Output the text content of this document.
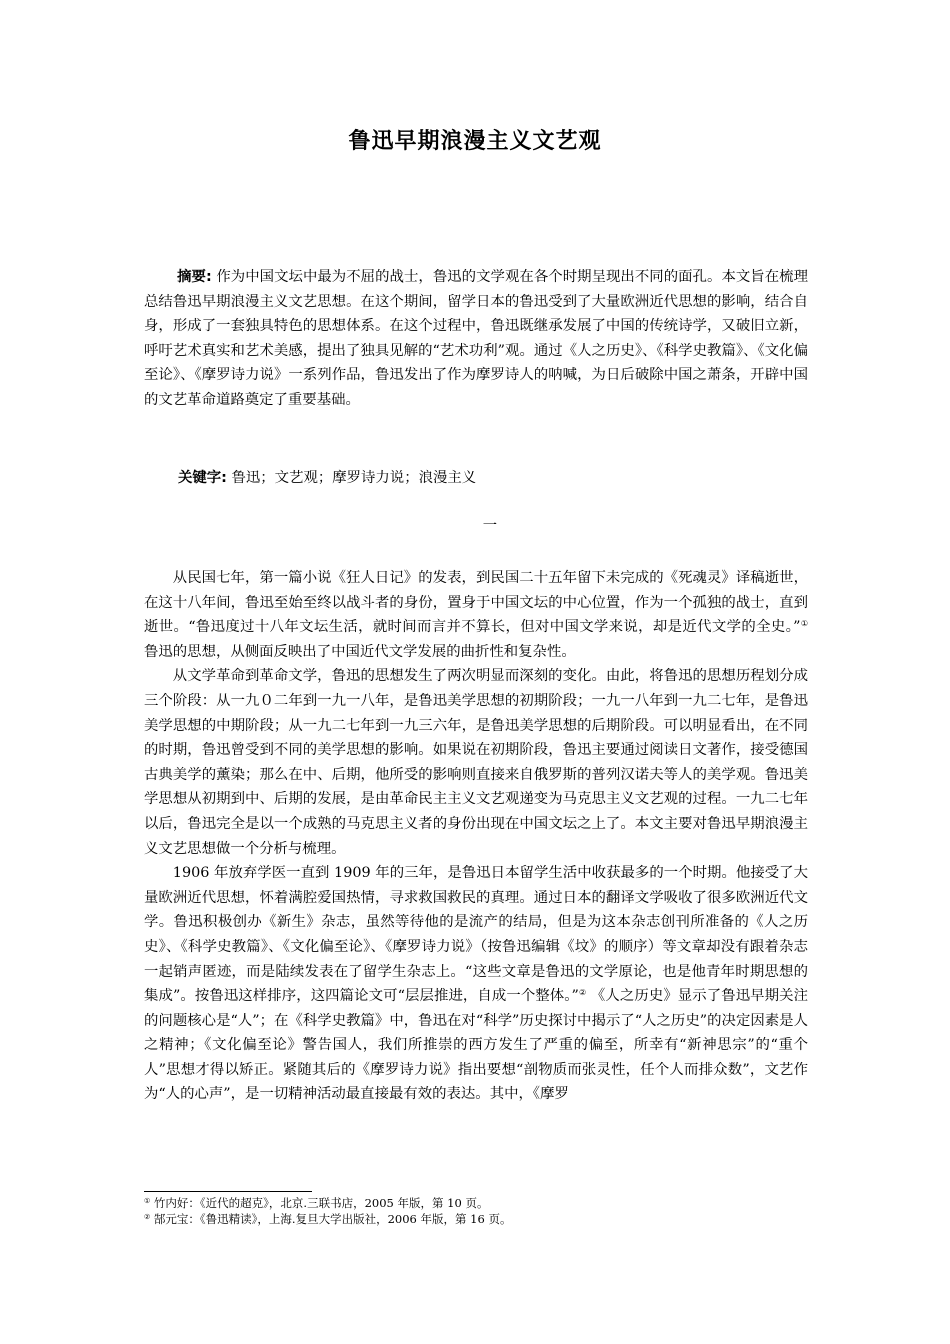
鲁迅早期浪漫主义文艺观
摘要: 作为中国文坛中最为不屈的战士，鲁迅的文学观在各个时期呈现出不同的面孔。本文旨在梳理总结鲁迅早期浪漫主义文艺思想。在这个期间，留学日本的鲁迅受到了大量欧洲近代思想的影响，结合自身，形成了一套独具特色的思想体系。在这个过程中，鲁迅既继承发展了中国的传统诗学，又破旧立新，呼吁艺术真实和艺术美感，提出了独具见解的“艺术功利”观。通过《人之历史》、《科学史教篇》、《文化偏至论》、《摩罗诗力说》一系列作品，鲁迅发出了作为摩罗诗人的呐喊，为日后破除中国之萧条，开辟中国的文艺革命道路奠定了重要基础。
关键字: 鲁迅；文艺观；摩罗诗力说；浪漫主义
一

从民国七年，第一篇小说《狂人日记》的发表，到民国二十五年留下未完成的《死魂灵》译稿逝世，在这十八年间，鲁迅至始至终以战斗者的身份，置身于中国文坛的中心位置，作为一个孤独的战士，直到逝世。“鲁迅度过十八年文坛生活，就时间而言并不算长，但对中国文学来说，却是近代文学的全史。”① 鲁迅的思想，从侧面反映出了中国近代文学发展的曲折性和复杂性。

从文学革命到革命文学，鲁迅的思想发生了两次明显而深刻的变化。由此，将鲁迅的思想历程划分成三个阶段：从一九０二年到一九一八年，是鲁迅美学思想的初期阶段；一九一八年到一九二七年，是鲁迅美学思想的中期阶段；从一九二七年到一九三六年，是鲁迅美学思想的后期阶段。可以明显看出，在不同的时期，鲁迅曾受到不同的美学思想的影响。如果说在初期阶段，鲁迅主要通过阅读日文著作，接受德国古典美学的薰染；那么在中、后期，他所受的影响则直接来自俄罗斯的普列汉诺夫等人的美学观。鲁迅美学思想从初期到中、后期的发展，是由革命民主主义文艺观递变为马克思主义文艺观的过程。一九二七年以后，鲁迅完全是以一个成熟的马克思主义者的身份出现在中国文坛之上了。本文主要对鲁迅早期浪漫主义文艺思想做一个分析与梳理。

1906 年放弃学医一直到 1909 年的三年，是鲁迅日本留学生活中收获最多的一个时期。他接受了大量欧洲近代思想，怀着满腔爱国热情，寻求救国救民的真理。通过日本的翻译文学吸收了很多欧洲近代文学。鲁迅积极创办《新生》杂志，虽然等待他的是流产的结局，但是为这本杂志创刊所准备的《人之历史》、《科学史教篇》、《文化偏至论》、《摩罗诗力说》（按鲁迅编辑《坟》的顺序）等文章却没有跟着杂志一起销声匿迹，而是陆续发表在了留学生杂志上。“这些文章是鲁迅的文学原论，也是他青年时期思想的集成”。按鲁迅这样排序，这四篇论文可“层层推进，自成一个整体。”② 《人之历史》显示了鲁迅早期关注的问题核心是“人”；在《科学史教篇》中，鲁迅在对“科学”历史探讨中揭示了“人之历史”的决定因素是人之精神；《文化偏至论》警告国人，我们所推崇的西方发生了严重的偏至，所幸有“新神思宗”的“重个人”思想才得以矫正。紧随其后的《摩罗诗力说》指出要想“剖物质而张灵性，任个人而排众数”，文艺作为“人的心声”，是一切精神活动最直接最有效的表达。其中，《摩罗

① 竹内好：《近代的超克》，北京.三联书店，2005 年版，第 10 页。
② 郜元宝：《鲁迅精读》，上海.复旦大学出版社，2006 年版，第 16 页。
